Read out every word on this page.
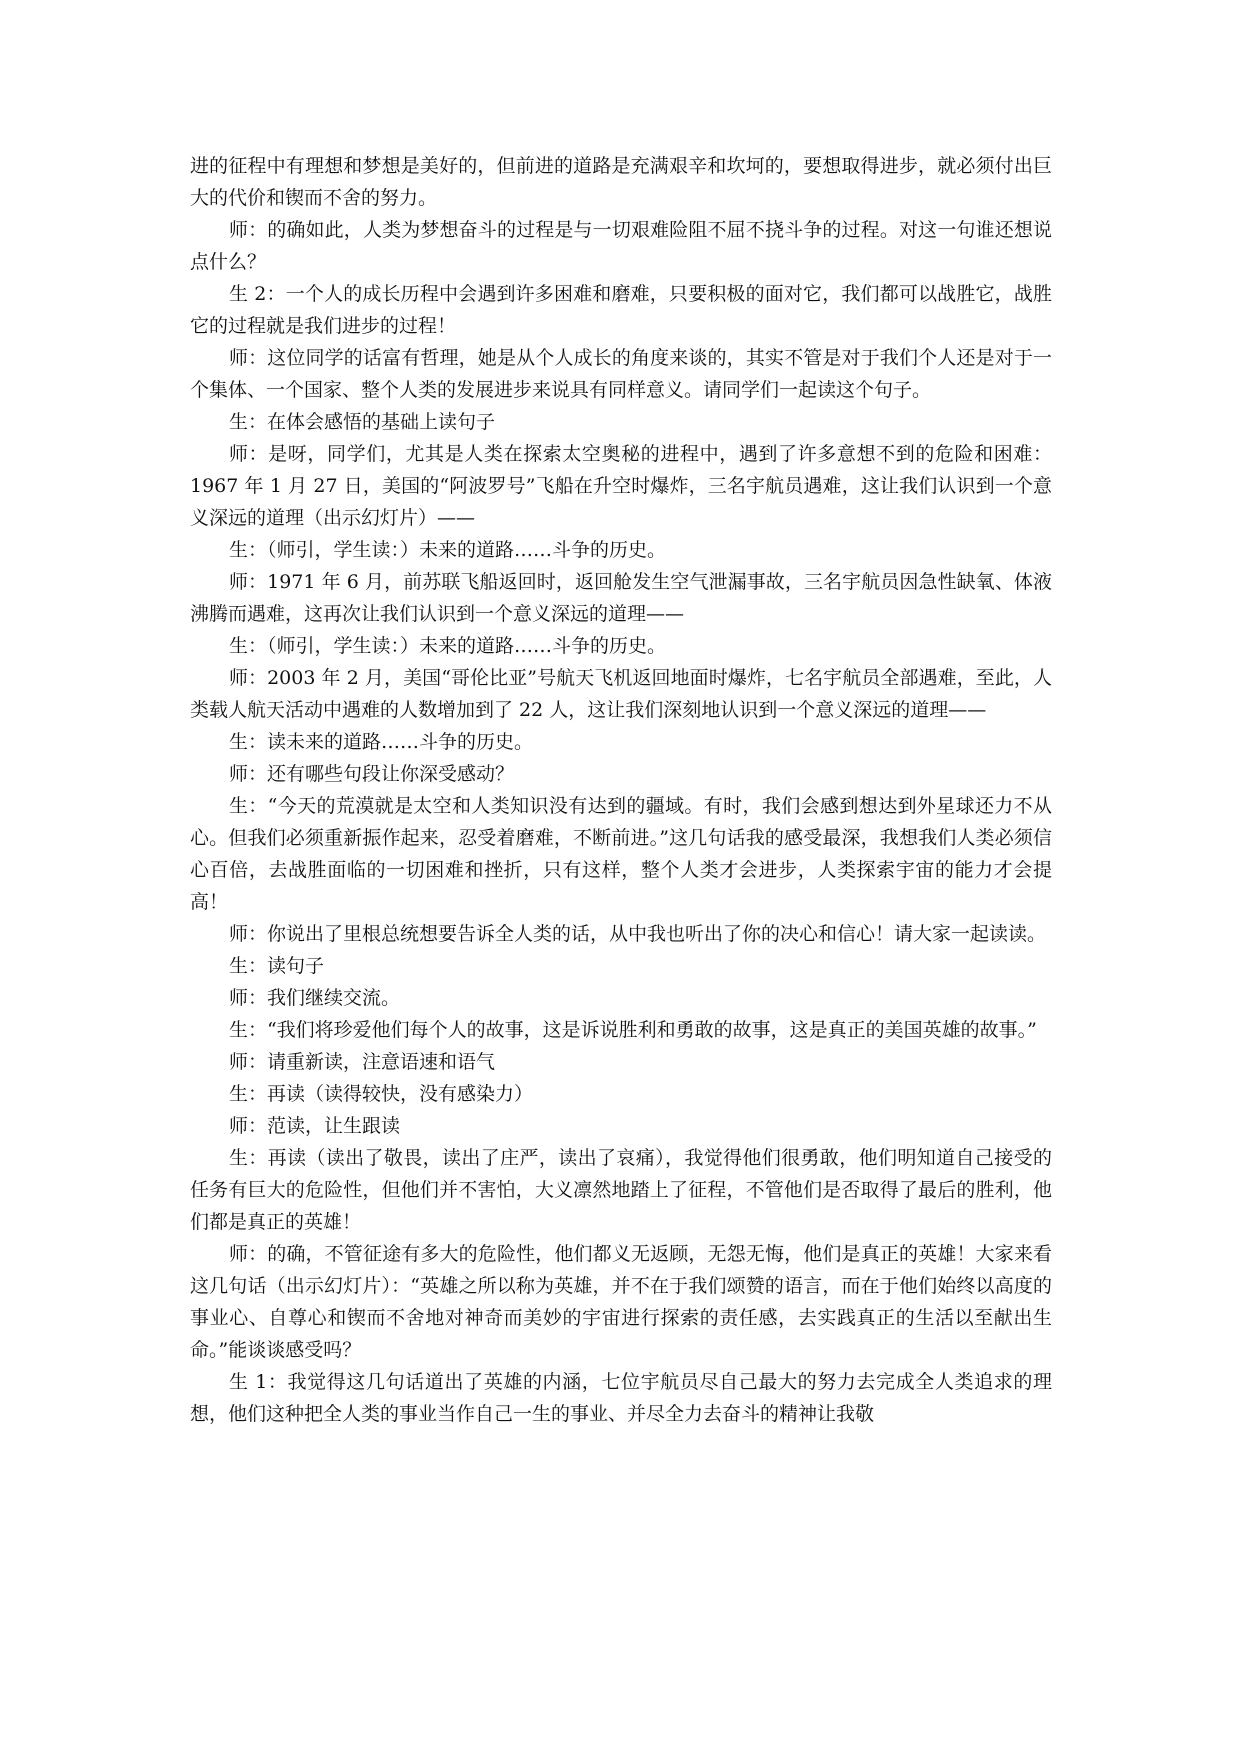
进的征程中有理想和梦想是美好的，但前进的道路是充满艰辛和坎坷的，要想取得进步，就必须付出巨大的代价和锲而不舍的努力。

师：的确如此，人类为梦想奋斗的过程是与一切艰难险阻不屈不挠斗争的过程。对这一句谁还想说点什么？

生 2：一个人的成长历程中会遇到许多困难和磨难，只要积极的面对它，我们都可以战胜它，战胜它的过程就是我们进步的过程！

师：这位同学的话富有哲理，她是从个人成长的角度来谈的，其实不管是对于我们个人还是对于一个集体、一个国家、整个人类的发展进步来说具有同样意义。请同学们一起读这个句子。

生：在体会感悟的基础上读句子

师：是呀，同学们，尤其是人类在探索太空奥秘的进程中，遇到了许多意想不到的危险和困难：1967 年 1 月 27 日，美国的“阿波罗号”飞船在升空时爆炸，三名宇航员遇难，这让我们认识到一个意义深远的道理（出示幻灯片）——

生：（师引，学生读：）未来的道路……斗争的历史。

师：1971 年 6 月，前苏联飞船返回时，返回舱发生空气泄漏事故，三名宇航员因急性缺氧、体液沸腾而遇难，这再次让我们认识到一个意义深远的道理——

生：（师引，学生读：）未来的道路……斗争的历史。

师：2003 年 2 月，美国“哥伦比亚”号航天飞机返回地面时爆炸，七名宇航员全部遇难，至此，人类载人航天活动中遇难的人数增加到了 22 人，这让我们深刻地认识到一个意义深远的道理——

生：读未来的道路……斗争的历史。

师：还有哪些句段让你深受感动？

生：“今天的荒漠就是太空和人类知识没有达到的疆域。有时，我们会感到想达到外星球还力不从心。但我们必须重新振作起来，忍受着磨难，不断前进。”这几句话我的感受最深，我想我们人类必须信心百倍，去战胜面临的一切困难和挫折，只有这样，整个人类才会进步，人类探索宇宙的能力才会提高！

师：你说出了里根总统想要告诉全人类的话，从中我也听出了你的决心和信心！请大家一起读读。

生：读句子

师：我们继续交流。

生：“我们将珍爱他们每个人的故事，这是诉说胜利和勇敢的故事，这是真正的美国英雄的故事。”

师：请重新读，注意语速和语气

生：再读（读得较快，没有感染力）

师：范读，让生跟读

生：再读（读出了敬畏，读出了庄严，读出了哀痛），我觉得他们很勇敢，他们明知道自己接受的任务有巨大的危险性，但他们并不害怕，大义凛然地踏上了征程，不管他们是否取得了最后的胜利，他们都是真正的英雄！

师：的确，不管征途有多大的危险性，他们都义无返顾，无怨无悔，他们是真正的英雄！大家来看这几句话（出示幻灯片）：“英雄之所以称为英雄，并不在于我们颂赞的语言，而在于他们始终以高度的事业心、自尊心和锲而不舍地对神奇而美妙的宇宙进行探索的责任感，去实践真正的生活以至献出生命。”能谈谈感受吗？

生 1：我觉得这几句话道出了英雄的内涵，七位宇航员尽自己最大的努力去完成全人类追求的理想，他们这种把全人类的事业当作自己一生的事业、并尽全力去奋斗的精神让我敬
